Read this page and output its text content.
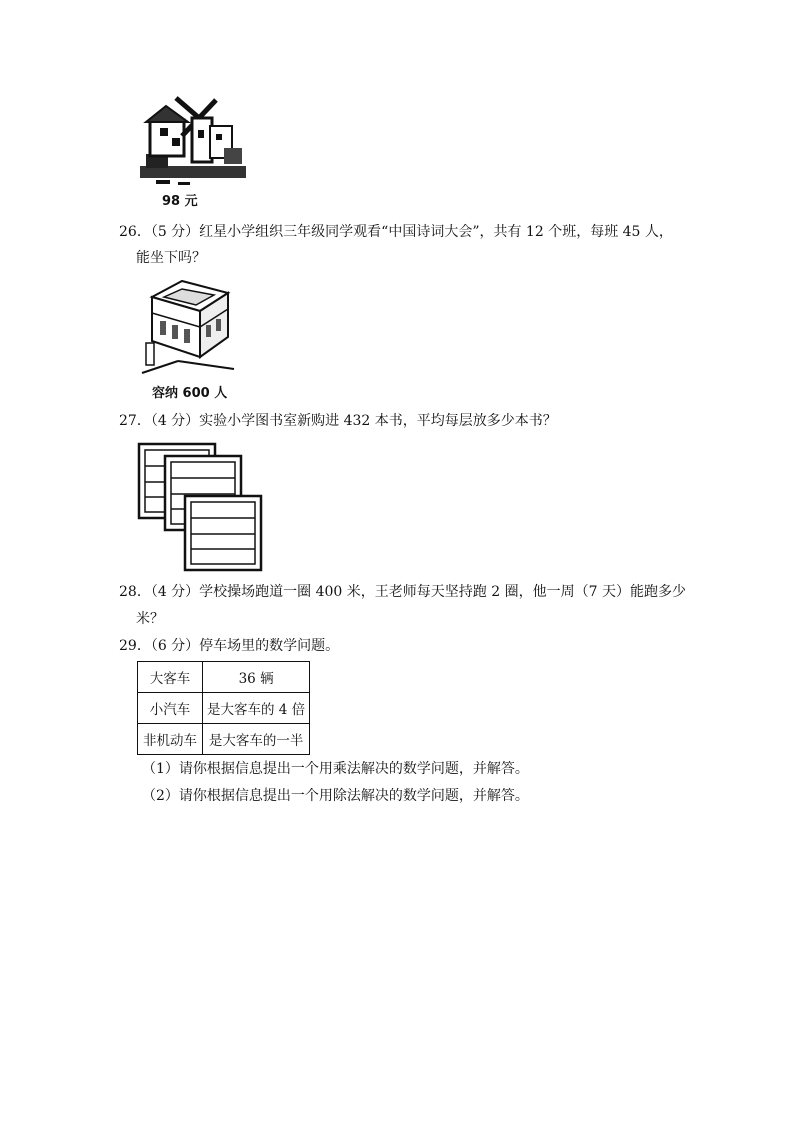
98 元
26．（5 分）红星小学组织三年级同学观看“中国诗词大会”，共有 12 个班，每班 45 人，
能坐下吗？
容纳 600 人
27．（4 分）实验小学图书室新购进 432 本书，平均每层放多少本书？
28．（4 分）学校操场跑道一圈 400 米，王老师每天坚持跑 2 圈，他一周（7 天）能跑多少
米？
29．（6 分）停车场里的数学问题。
大客车	36 辆
小汽车	是大客车的 4 倍
非机动车	是大客车的一半
（1）请你根据信息提出一个用乘法解决的数学问题，并解答。
（2）请你根据信息提出一个用除法解决的数学问题，并解答。
